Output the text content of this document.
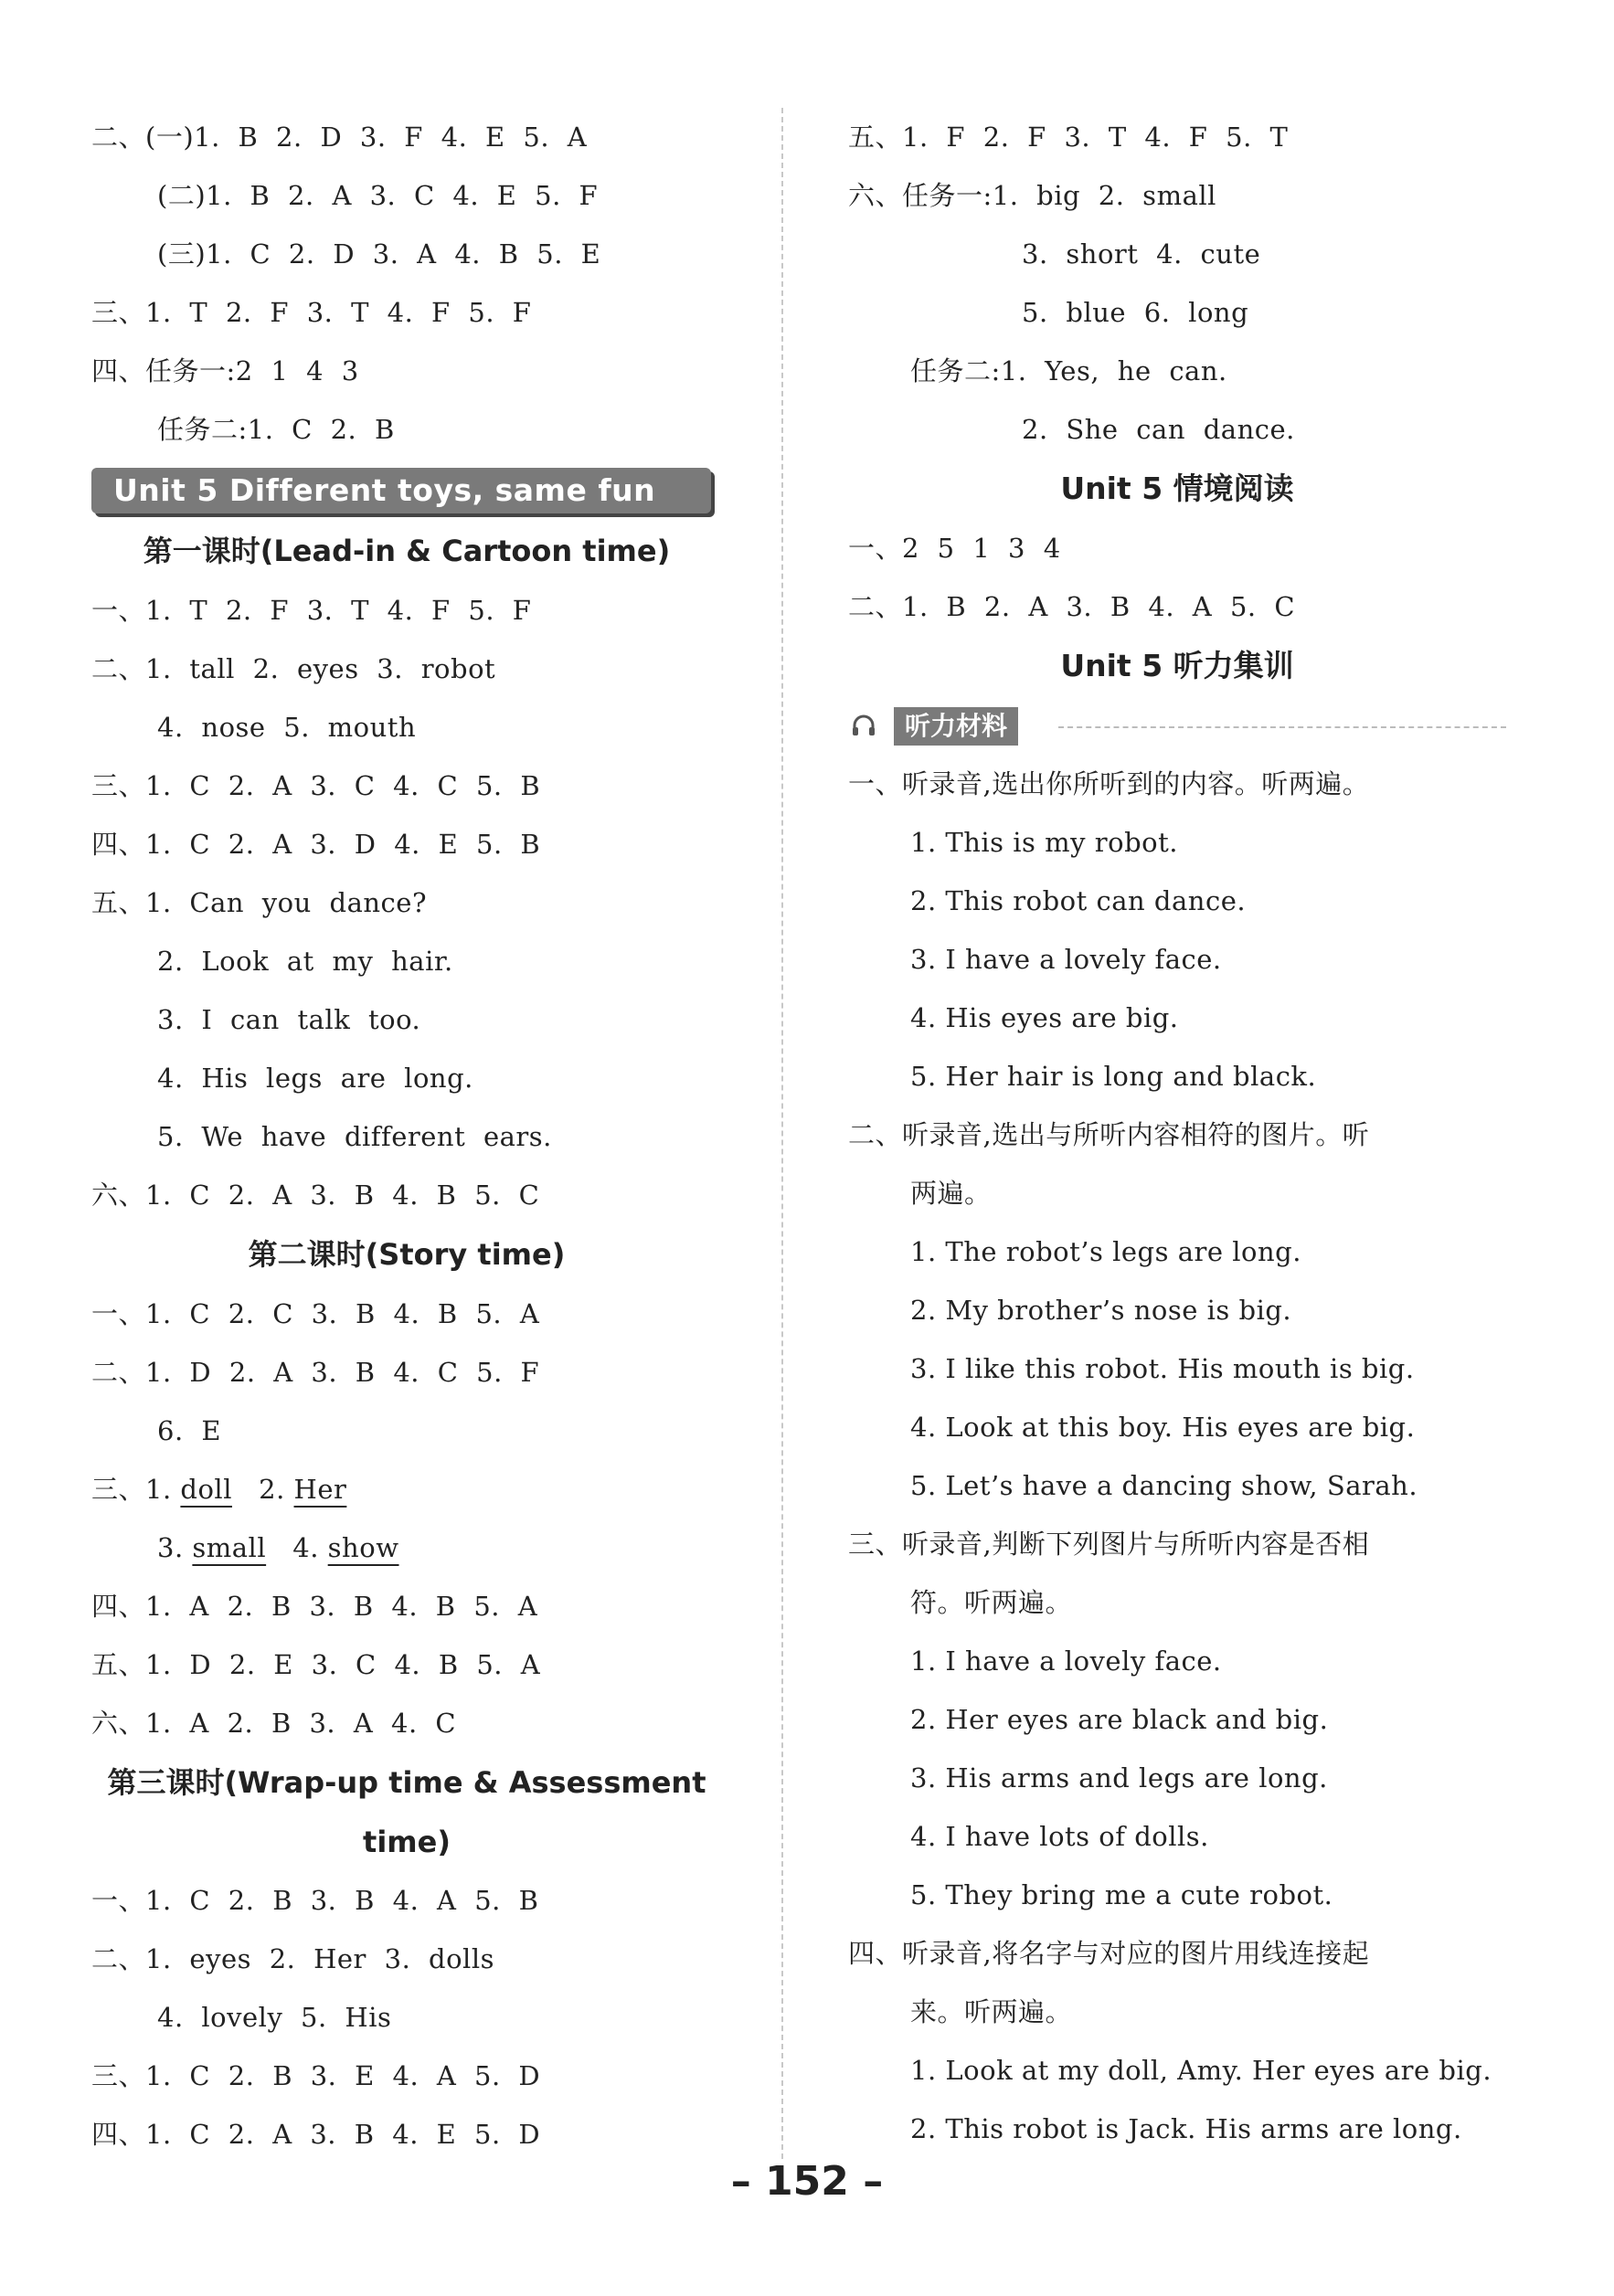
二、(一)1. B 2. D 3. F 4. E 5. A
(二)1. B 2. A 3. C 4. E 5. F
(三)1. C 2. D 3. A 4. B 5. E
三、1. T 2. F 3. T 4. F 5. F
四、任务一:2 1 4 3
任务二:1. C 2. B
Unit 5 Different toys, same fun
第一课时(Lead-in & Cartoon time)
一、1. T 2. F 3. T 4. F 5. F
二、1. tall 2. eyes 3. robot
4. nose 5. mouth
三、1. C 2. A 3. C 4. C 5. B
四、1. C 2. A 3. D 4. E 5. B
五、1. Can you dance?
2. Look at my hair.
3. I can talk too.
4. His legs are long.
5. We have different ears.
六、1. C 2. A 3. B 4. B 5. C
第二课时(Story time)
一、1. C 2. C 3. B 4. B 5. A
二、1. D 2. A 3. B 4. C 5. F
6. E
三、1. doll 2. Her
3. small 4. show
四、1. A 2. B 3. B 4. B 5. A
五、1. D 2. E 3. C 4. B 5. A
六、1. A 2. B 3. A 4. C
第三课时(Wrap-up time & Assessment
time)
一、1. C 2. B 3. B 4. A 5. B
二、1. eyes 2. Her 3. dolls
4. lovely 5. His
三、1. C 2. B 3. E 4. A 5. D
四、1. C 2. A 3. B 4. E 5. D
五、1. F 2. F 3. T 4. F 5. T
六、任务一:1. big 2. small
3. short 4. cute
5. blue 6. long
任务二:1. Yes, he can.
2. She can dance.
Unit 5 情境阅读
一、2 5 1 3 4
二、1. B 2. A 3. B 4. A 5. C
Unit 5 听力集训
听力材料
一、听录音,选出你所听到的内容。听两遍。
1. This is my robot.
2. This robot can dance.
3. I have a lovely face.
4. His eyes are big.
5. Her hair is long and black.
二、听录音,选出与所听内容相符的图片。听
两遍。
1. The robot’s legs are long.
2. My brother’s nose is big.
3. I like this robot. His mouth is big.
4. Look at this boy. His eyes are big.
5. Let’s have a dancing show, Sarah.
三、听录音,判断下列图片与所听内容是否相
符。听两遍。
1. I have a lovely face.
2. Her eyes are black and big.
3. His arms and legs are long.
4. I have lots of dolls.
5. They bring me a cute robot.
四、听录音,将名字与对应的图片用线连接起
来。听两遍。
1. Look at my doll, Amy. Her eyes are big.
2. This robot is Jack. His arms are long.
– 152 –
